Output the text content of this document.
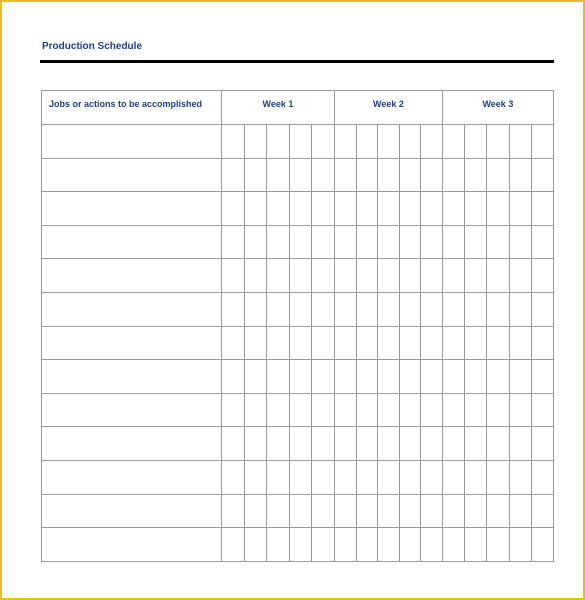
Production Schedule
Jobs or actions to be accomplished	Week 1					Week 2					Week 3				
